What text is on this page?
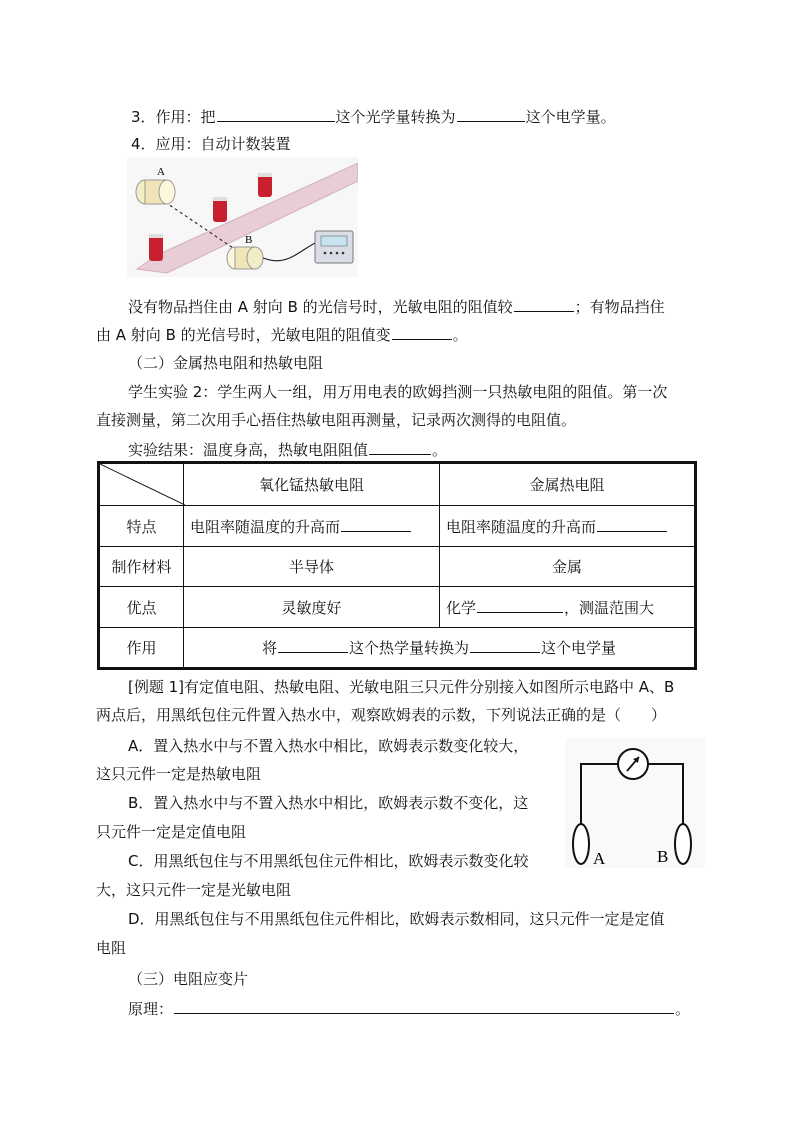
3．作用：把	这个光学量转换为	这个电学量。
4．应用：自动计数装置
A
B
没有物品挡住由 A 射向 B 的光信号时，光敏电阻的阻值较	；有物品挡住
由 A 射向 B 的光信号时，光敏电阻的阻值变	。
（二）金属热电阻和热敏电阻
学生实验 2：学生两人一组，用万用电表的欧姆挡测一只热敏电阻的阻值。第一次
直接测量，第二次用手心捂住热敏电阻再测量，记录两次测得的电阻值。
实验结果：温度身高，热敏电阻阻值	。
	氧化锰热敏电阻	金属热电阻
特点	电阻率随温度的升高而	电阻率随温度的升高而
制作材料	半导体	金属
优点	灵敏度好	化学 ，测温范围大
作用	将 这个热学量转换为 这个电学量	
[例题 1]有定值电阻、热敏电阻、光敏电阻三只元件分别接入如图所示电路中 A、B
两点后，用黑纸包住元件置入热水中，观察欧姆表的示数，下列说法正确的是（　　）
A．置入热水中与不置入热水中相比，欧姆表示数变化较大，
这只元件一定是热敏电阻
B．置入热水中与不置入热水中相比，欧姆表示数不变化，这
只元件一定是定值电阻
C．用黑纸包住与不用黑纸包住元件相比，欧姆表示数变化较
大，这只元件一定是光敏电阻
D．用黑纸包住与不用黑纸包住元件相比，欧姆表示数相同，这只元件一定是定值
电阻
A	B
（三）电阻应变片
原理：	。
